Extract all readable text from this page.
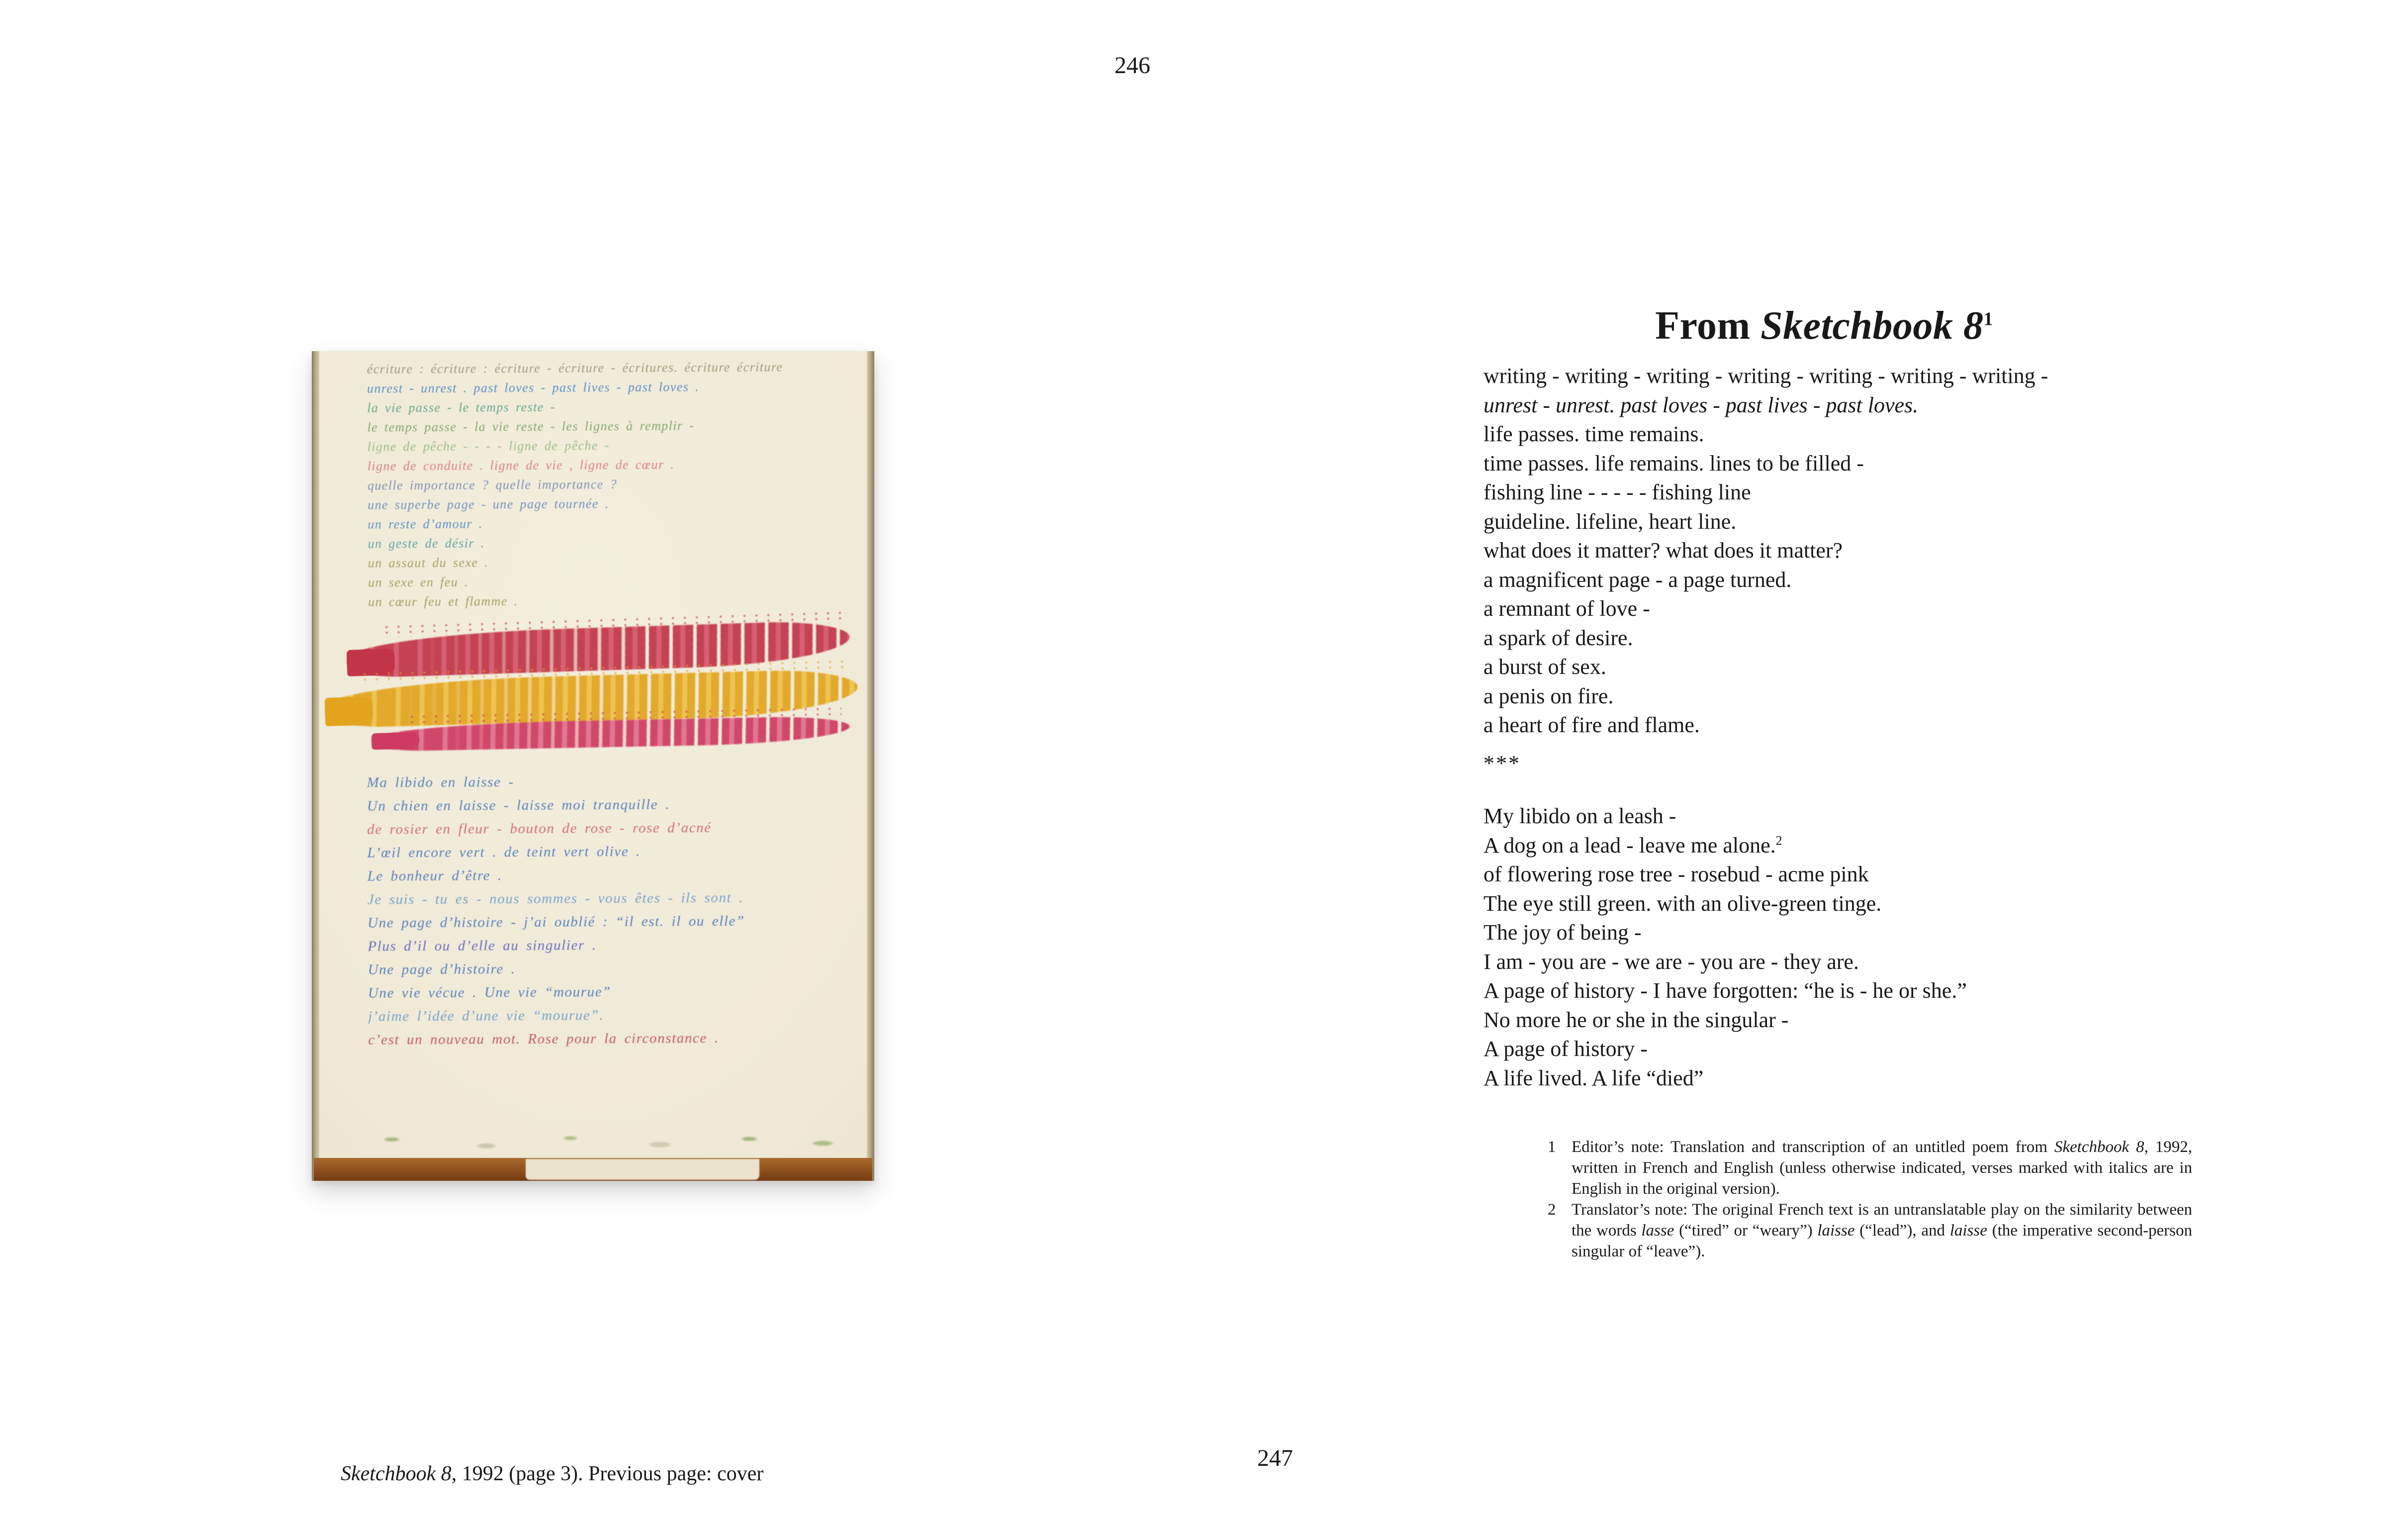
246
247
écriture : écriture : écriture - écriture - écritures. écriture écriture
unrest - unrest . past loves - past lives - past loves .
la vie passe - le temps reste -
le temps passe - la vie reste - les lignes à remplir -
ligne de pêche - - - - ligne de pêche -
ligne de conduite . ligne de vie , ligne de cœur .
quelle importance ? quelle importance ?
une superbe page - une page tournée .
un reste d’amour .
un geste de désir .
un assaut du sexe .
un sexe en feu .
un cœur feu et flamme .
Ma libido en laisse -
Un chien en laisse - laisse moi tranquille .
de rosier en fleur - bouton de rose - rose d’acné
L’œil encore vert . de teint vert olive .
Le bonheur d’être .
Je suis - tu es - nous sommes - vous êtes - ils sont .
Une page d’histoire - j’ai oublié : “il est. il ou elle”
Plus d’il ou d’elle au singulier .
Une page d’histoire .
Une vie vécue . Une vie “mourue”
j’aime l’idée d’une vie “mourue”.
c’est un nouveau mot. Rose pour la circonstance .
Sketchbook 8, 1992 (page 3). Previous page: cover
From Sketchbook $8^1$
writing - writing - writing - writing - writing - writing - writing -
unrest - unrest. past loves - past lives - past loves.
life passes. time remains.
time passes. life remains. lines to be filled -
fishing line - - - - - fishing line
guideline. lifeline, heart line.
what does it matter? what does it matter?
a magnificent page - a page turned.
a remnant of love -
a spark of desire.
a burst of sex.
a penis on fire.
a heart of fire and flame.
***
My libido on a leash -
A dog on a lead - leave me alone.$^2$
of flowering rose tree - rosebud - acme pink
The eye still green. with an olive-green tinge.
The joy of being -
I am - you are - we are - you are - they are.
A page of history - I have forgotten: “he is - he or she.”
No more he or she in the singular -
A page of history -
A life lived. A life “died”
1 Editor’s note: Translation and transcription of an untitled poem from Sketchbook 8, 1992, written in French and English (unless otherwise indicated, verses marked with italics are in English in the original version).
2 Translator’s note: The original French text is an untranslatable play on the similarity between the words lasse (“tired” or “weary”) laisse (“lead”), and laisse (the imperative second-person singular of “leave”).
